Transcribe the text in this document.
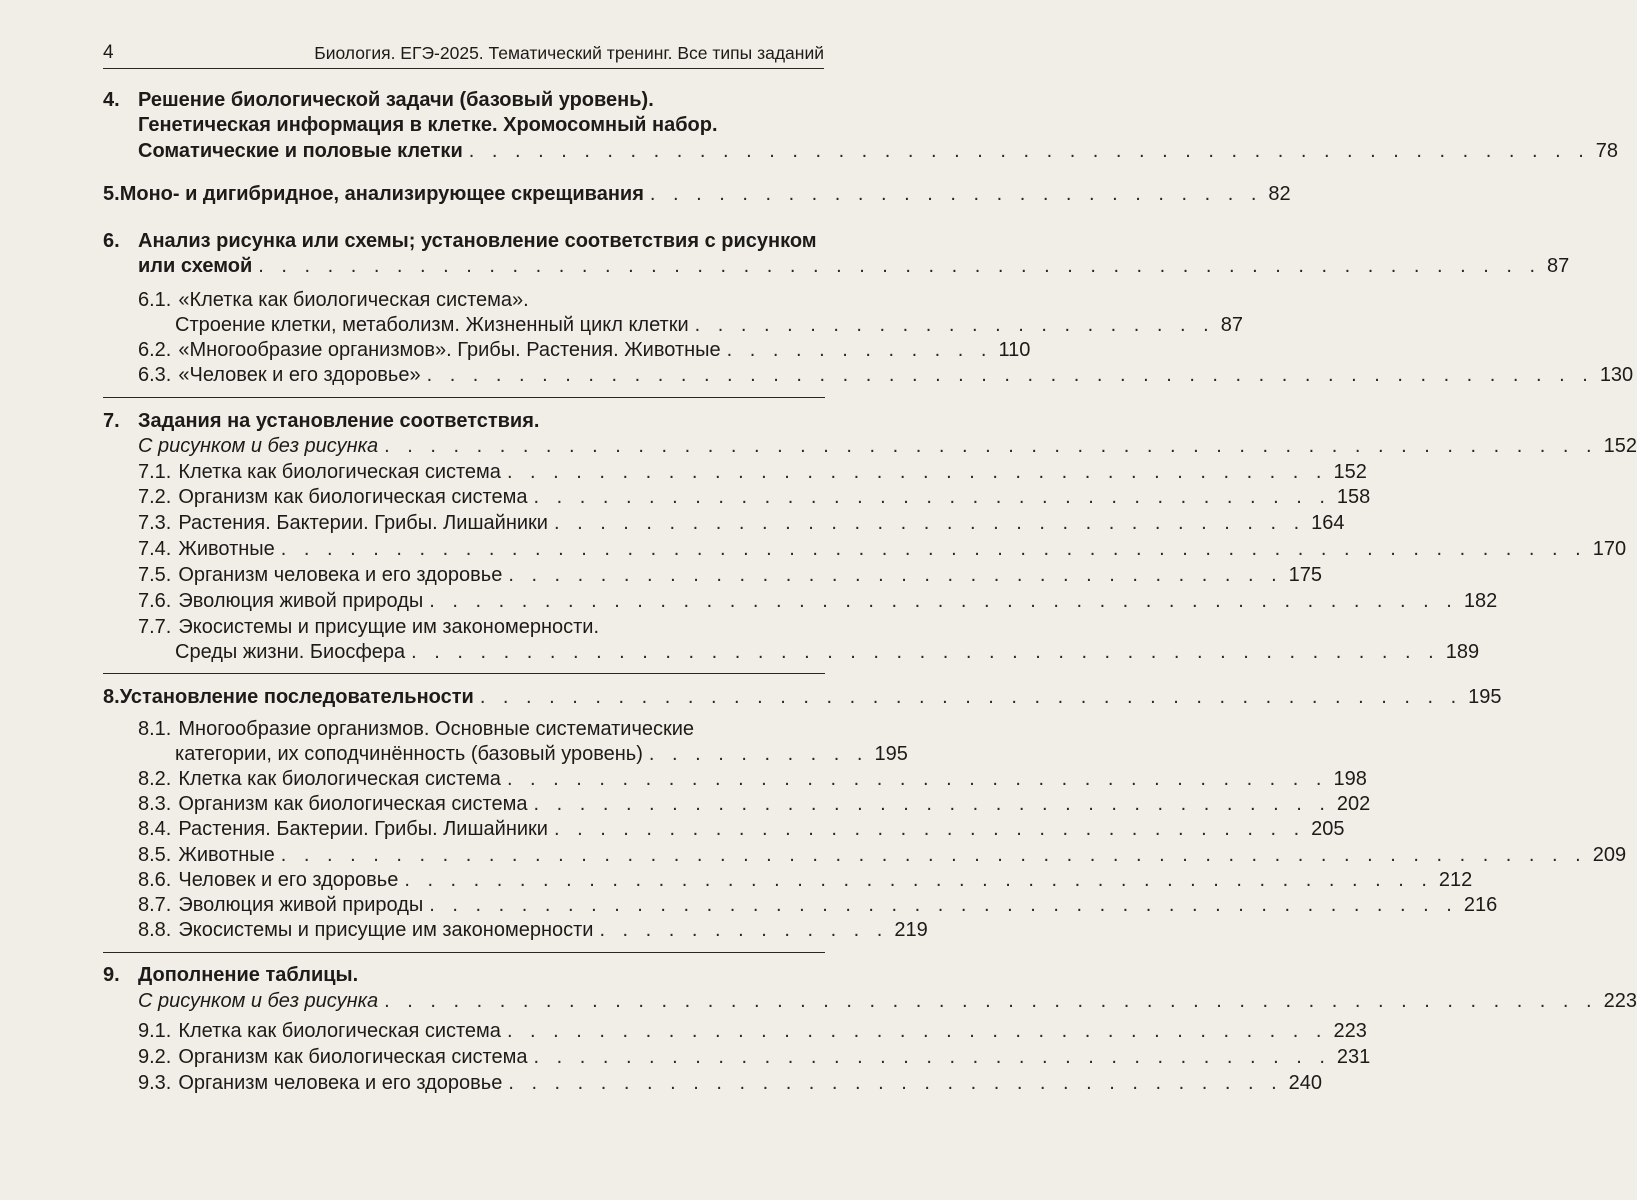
4	Биология. ЕГЭ-2025. Тематический тренинг. Все типы заданий
4. Решение биологической задачи (базовый уровень).
Генетическая информация в клетке. Хромосомный набор.
Соматические и половые клетки . . . . . . . . . . . . . . . . . . . . . . . . . . . . . . . . . . . . . . . . . . . . . . . . . 78
5. Моно- и дигибридное, анализирующее скрещивания . . . . . . . . . . . . . . . . . . . . . . . . . . . 82
6. Анализ рисунка или схемы; установление соответствия с рисунком
или схемой . . . . . . . . . . . . . . . . . . . . . . . . . . . . . . . . . . . . . . . . . . . . . . . . . . . . . . . . 87
6.1. «Клетка как биологическая система».
Строение клетки, метаболизм. Жизненный цикл клетки . . . . . . . . . . . . . . . . . . . . . . . 87
6.2. «Многообразие организмов». Грибы. Растения. Животные . . . . . . . . . . . . 110
6.3. «Человек и его здоровье» . . . . . . . . . . . . . . . . . . . . . . . . . . . . . . . . . . . . . . . . . . . . . . . . . . . 130
7. Задания на установление соответствия.
С рисунком и без рисунка . . . . . . . . . . . . . . . . . . . . . . . . . . . . . . . . . . . . . . . . . . . . . . . . . . . . . 152
7.1. Клетка как биологическая система . . . . . . . . . . . . . . . . . . . . . . . . . . . . . . . . . . . . 152
7.2. Организм как биологическая система . . . . . . . . . . . . . . . . . . . . . . . . . . . . . . . . . . . 158
7.3. Растения. Бактерии. Грибы. Лишайники . . . . . . . . . . . . . . . . . . . . . . . . . . . . . . . . . 164
7.4. Животные . . . . . . . . . . . . . . . . . . . . . . . . . . . . . . . . . . . . . . . . . . . . . . . . . . . . . . . . . 170
7.5. Организм человека и его здоровье . . . . . . . . . . . . . . . . . . . . . . . . . . . . . . . . . . 175
7.6. Эволюция живой природы . . . . . . . . . . . . . . . . . . . . . . . . . . . . . . . . . . . . . . . . . . . . . 182
7.7. Экосистемы и присущие им закономерности.
Среды жизни. Биосфера . . . . . . . . . . . . . . . . . . . . . . . . . . . . . . . . . . . . . . . . . . . . . 189
8. Установление последовательности . . . . . . . . . . . . . . . . . . . . . . . . . . . . . . . . . . . . . . . . . . . 195
8.1. Многообразие организмов. Основные систематические
категории, их соподчинённость (базовый уровень) . . . . . . . . . . 195
8.2. Клетка как биологическая система . . . . . . . . . . . . . . . . . . . . . . . . . . . . . . . . . . . . 198
8.3. Организм как биологическая система . . . . . . . . . . . . . . . . . . . . . . . . . . . . . . . . . . . 202
8.4. Растения. Бактерии. Грибы. Лишайники . . . . . . . . . . . . . . . . . . . . . . . . . . . . . . . . . 205
8.5. Животные . . . . . . . . . . . . . . . . . . . . . . . . . . . . . . . . . . . . . . . . . . . . . . . . . . . . . . . . . 209
8.6. Человек и его здоровье . . . . . . . . . . . . . . . . . . . . . . . . . . . . . . . . . . . . . . . . . . . . . 212
8.7. Эволюция живой природы . . . . . . . . . . . . . . . . . . . . . . . . . . . . . . . . . . . . . . . . . . . . . 216
8.8. Экосистемы и присущие им закономерности . . . . . . . . . . . . . 219
9. Дополнение таблицы.
С рисунком и без рисунка . . . . . . . . . . . . . . . . . . . . . . . . . . . . . . . . . . . . . . . . . . . . . . . . . . . . . 223
9.1. Клетка как биологическая система . . . . . . . . . . . . . . . . . . . . . . . . . . . . . . . . . . . . 223
9.2. Организм как биологическая система . . . . . . . . . . . . . . . . . . . . . . . . . . . . . . . . . . . 231
9.3. Организм человека и его здоровье . . . . . . . . . . . . . . . . . . . . . . . . . . . . . . . . . . 240
